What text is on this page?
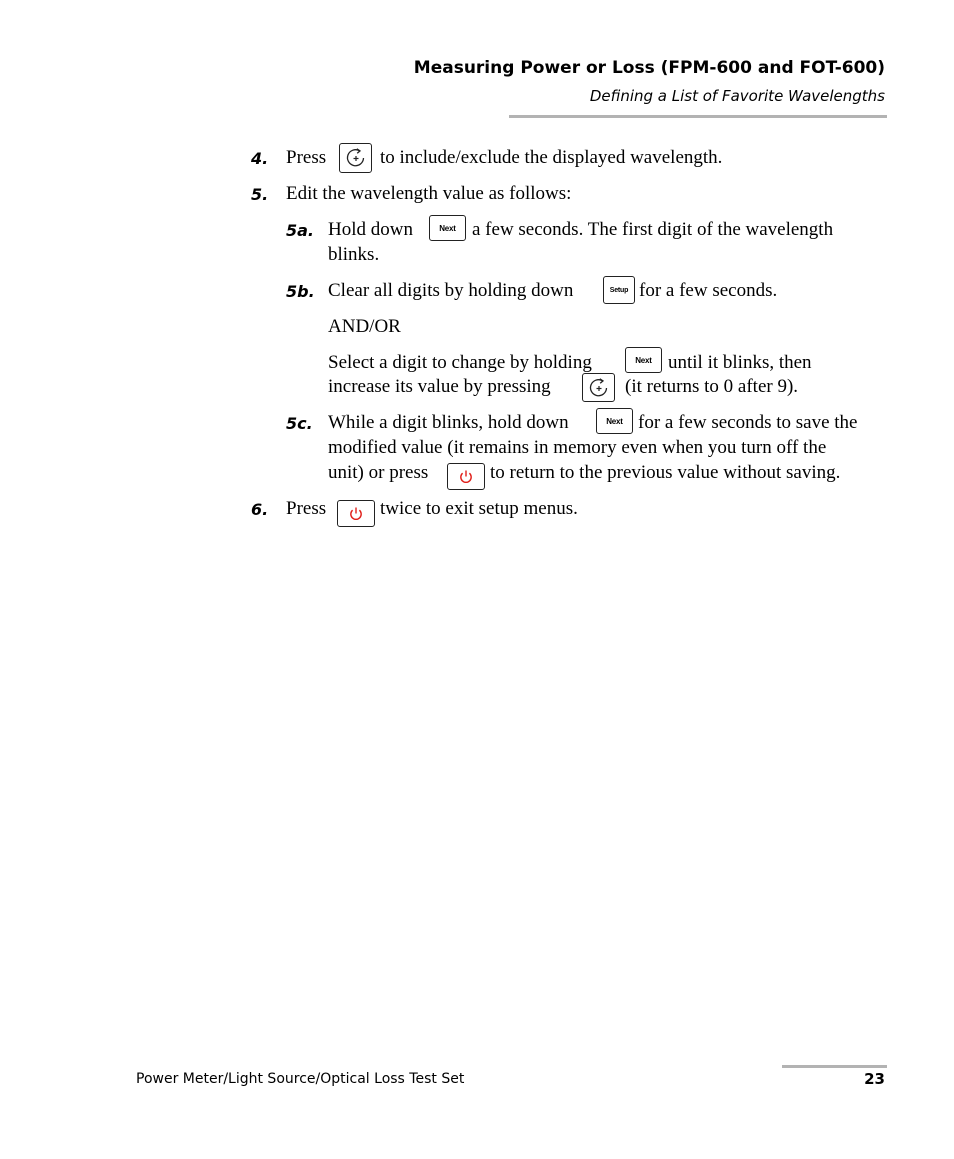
Measuring Power or Loss (FPM-600 and FOT-600)
Defining a List of Favorite Wavelengths
4. Press	to include/exclude the displayed wavelength.
5. Edit the wavelength value as follows:
5a. Hold down	Next a few seconds. The first digit of the wavelength
blinks.
5b. Clear all digits by holding down	Setup for a few seconds.
AND/OR
Select a digit to change by holding	Next until it blinks, then
increase its value by pressing	(it returns to 0 after 9).
5c. While a digit blinks, hold down	Next for a few seconds to save the
modified value (it remains in memory even when you turn off the
unit) or press	to return to the previous value without saving.
6. Press	twice to exit setup menus.
Power Meter/Light Source/Optical Loss Test Set	23
